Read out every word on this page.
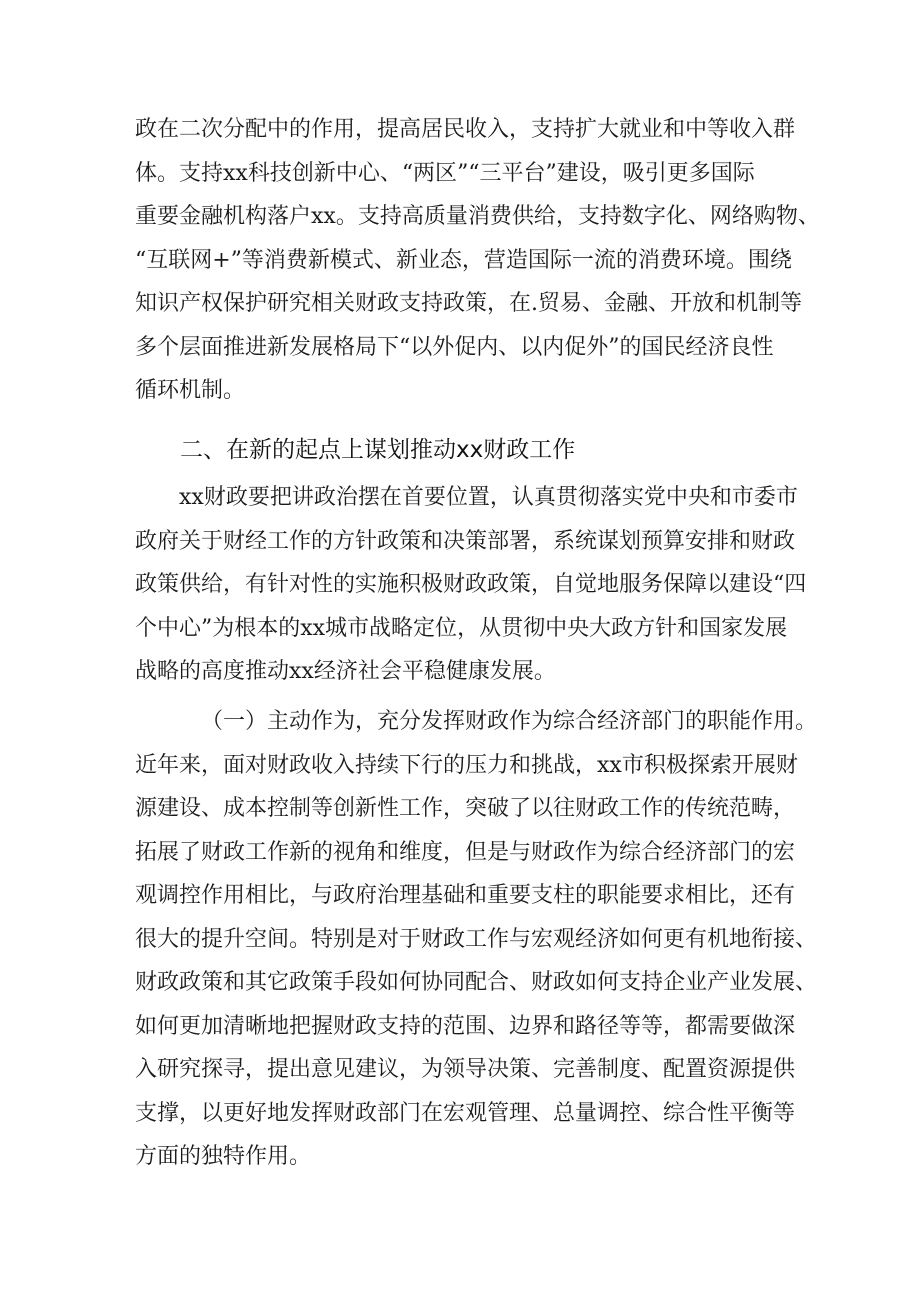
政在二次分配中的作用，提高居民收入，支持扩大就业和中等收入群
体。支持xx科技创新中心、“两区”“三平台”建设，吸引更多国际
重要金融机构落户xx。支持高质量消费供给，支持数字化、网络购物、
“互联网+”等消费新模式、新业态，营造国际一流的消费环境。围绕
知识产权保护研究相关财政支持政策，在.贸易、金融、开放和机制等
多个层面推进新发展格局下“以外促内、以内促外”的国民经济良性
循环机制。
二、在新的起点上谋划推动xx财政工作
xx财政要把讲政治摆在首要位置，认真贯彻落实党中央和市委市
政府关于财经工作的方针政策和决策部署，系统谋划预算安排和财政
政策供给，有针对性的实施积极财政政策，自觉地服务保障以建设“四
个中心”为根本的xx城市战略定位，从贯彻中央大政方针和国家发展
战略的高度推动xx经济社会平稳健康发展。
（一）主动作为，充分发挥财政作为综合经济部门的职能作用。
近年来，面对财政收入持续下行的压力和挑战，xx市积极探索开展财
源建设、成本控制等创新性工作，突破了以往财政工作的传统范畴，
拓展了财政工作新的视角和维度，但是与财政作为综合经济部门的宏
观调控作用相比，与政府治理基础和重要支柱的职能要求相比，还有
很大的提升空间。特别是对于财政工作与宏观经济如何更有机地衔接、
财政政策和其它政策手段如何协同配合、财政如何支持企业产业发展、
如何更加清晰地把握财政支持的范围、边界和路径等等，都需要做深
入研究探寻，提出意见建议，为领导决策、完善制度、配置资源提供
支撑，以更好地发挥财政部门在宏观管理、总量调控、综合性平衡等
方面的独特作用。
